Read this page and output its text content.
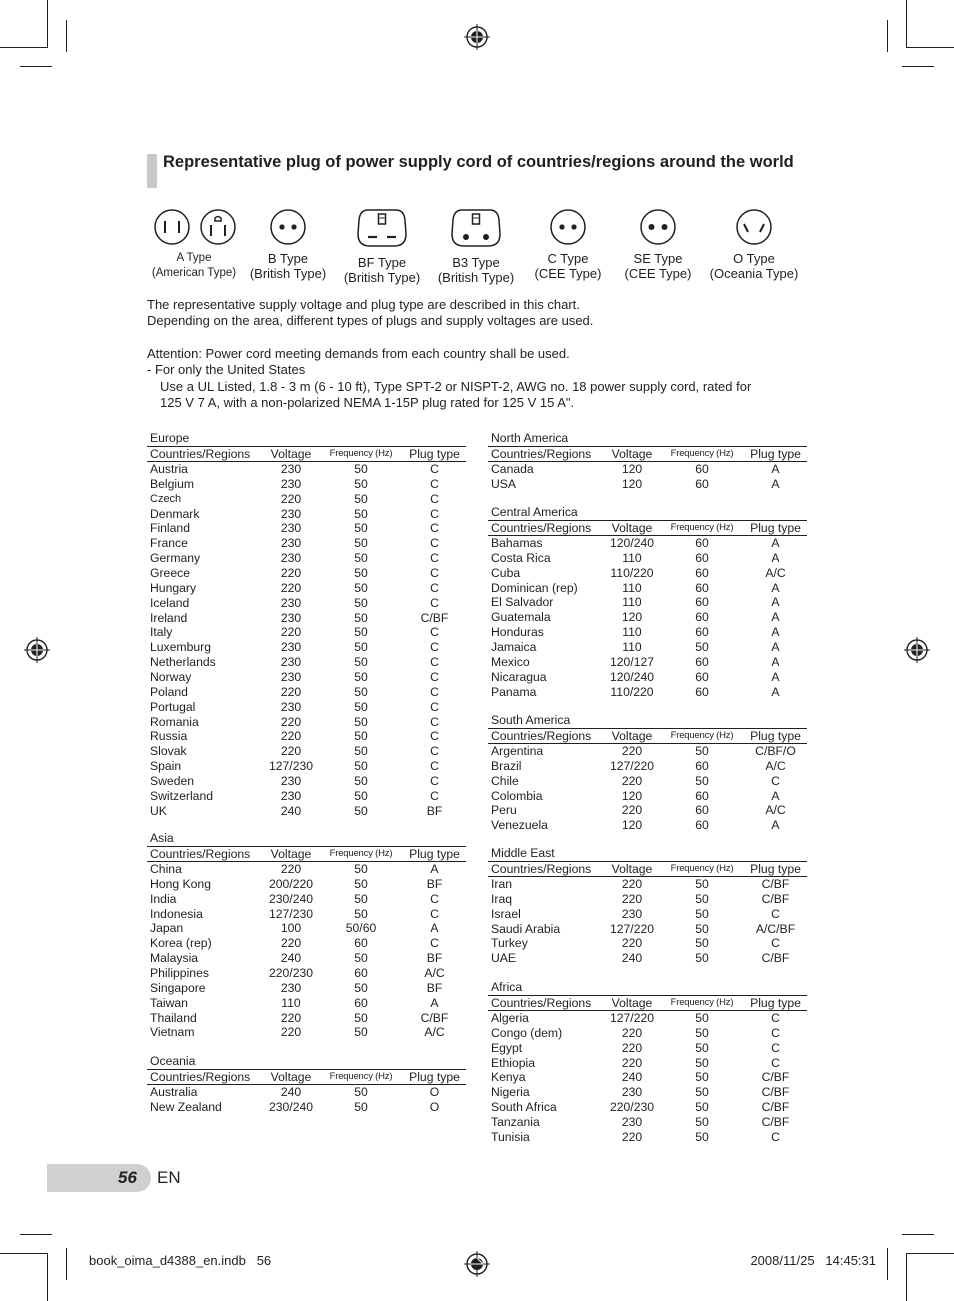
Representative plug of power supply cord of countries/regions around the world
A Type
(American Type)
B Type
(British Type)
BF Type
(British Type)
B3 Type
(British Type)
C Type
(CEE Type)
SE Type
(CEE Type)
O Type
(Oceania Type)

The representative supply voltage and plug type are described in this chart.

Depending on the area, different types of plugs and supply voltages are used.

Attention: Power cord meeting demands from each country shall be used.

- For only the United States

Use a UL Listed, 1.8 - 3 m (6 - 10 ft), Type SPT-2 or NISPT-2, AWG no. 18 power supply cord, rated for

125 V 7 A, with a non-polarized NEMA 1-15P plug rated for 125 V 15 A".

Europe
Countries/Regions	Voltage	Frequency (Hz)	Plug type
Austria	230	50	C
Belgium	230	50	C
Czech	220	50	C
Denmark	230	50	C
Finland	230	50	C
France	230	50	C
Germany	230	50	C
Greece	220	50	C
Hungary	220	50	C
Iceland	230	50	C
Ireland	230	50	C/BF
Italy	220	50	C
Luxemburg	230	50	C
Netherlands	230	50	C
Norway	230	50	C
Poland	220	50	C
Portugal	230	50	C
Romania	220	50	C
Russia	220	50	C
Slovak	220	50	C
Spain	127/230	50	C
Sweden	230	50	C
Switzerland	230	50	C
UK	240	50	BF
Asia
Countries/Regions	Voltage	Frequency (Hz)	Plug type
China	220	50	A
Hong Kong	200/220	50	BF
India	230/240	50	C
Indonesia	127/230	50	C
Japan	100	50/60	A
Korea (rep)	220	60	C
Malaysia	240	50	BF
Philippines	220/230	60	A/C
Singapore	230	50	BF
Taiwan	110	60	A
Thailand	220	50	C/BF
Vietnam	220	50	A/C
Oceania
Countries/Regions	Voltage	Frequency (Hz)	Plug type
Australia	240	50	O
New Zealand	230/240	50	O
North America
Countries/Regions	Voltage	Frequency (Hz)	Plug type
Canada	120	60	A
USA	120	60	A
Central America
Countries/Regions	Voltage	Frequency (Hz)	Plug type
Bahamas	120/240	60	A
Costa Rica	110	60	A
Cuba	110/220	60	A/C
Dominican (rep)	110	60	A
El Salvador	110	60	A
Guatemala	120	60	A
Honduras	110	60	A
Jamaica	110	50	A
Mexico	120/127	60	A
Nicaragua	120/240	60	A
Panama	110/220	60	A
South America
Countries/Regions	Voltage	Frequency (Hz)	Plug type
Argentina	220	50	C/BF/O
Brazil	127/220	60	A/C
Chile	220	50	C
Colombia	120	60	A
Peru	220	60	A/C
Venezuela	120	60	A
Middle East
Countries/Regions	Voltage	Frequency (Hz)	Plug type
Iran	220	50	C/BF
Iraq	220	50	C/BF
Israel	230	50	C
Saudi Arabia	127/220	50	A/C/BF
Turkey	220	50	C
UAE	240	50	C/BF
Africa
Countries/Regions	Voltage	Frequency (Hz)	Plug type
Algeria	127/220	50	C
Congo (dem)	220	50	C
Egypt	220	50	C
Ethiopia	220	50	C
Kenya	240	50	C/BF
Nigeria	230	50	C/BF
South Africa	220/230	50	C/BF
Tanzania	230	50	C/BF
Tunisia	220	50	C
56 EN
book_oima_d4388_en.indb   56	2008/11/25   14:45:31
